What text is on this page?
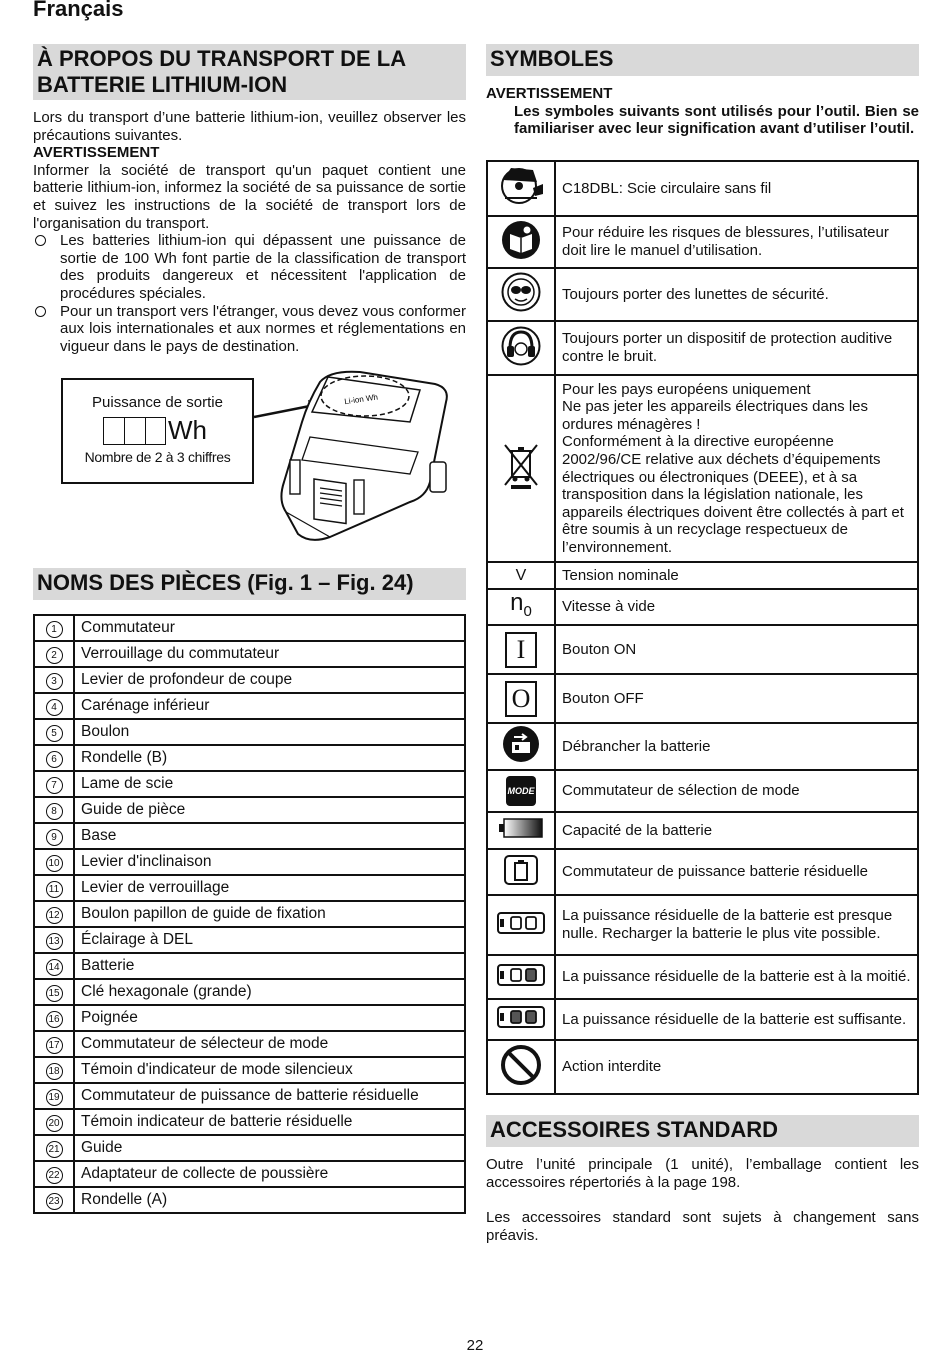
Français
À PROPOS DU TRANSPORT DE LA
BATTERIE LITHIUM-ION
Lors du transport d’une batterie lithium-ion, veuillez observer les précautions suivantes.
AVERTISSEMENT
Informer la société de transport qu'un paquet contient une batterie lithium-ion, informez la société de sa puissance de sortie et suivez les instructions de la société de transport lors de l'organisation du transport.
Les batteries lithium-ion qui dépassent une puissance de sortie de 100 Wh font partie de la classification de transport des produits dangereux et nécessitent l'application de procédures spéciales.
Pour un transport vers l'étranger, vous devez vous conformer aux lois internationales et aux normes et réglementations en vigueur dans le pays de destination.
Puissance de sortie
Wh
Nombre de 2 à 3 chiffres
Li-ion Wh
NOMS DES PIÈCES (Fig. 1 – Fig. 24)
1	Commutateur
2	Verrouillage du commutateur
3	Levier de profondeur de coupe
4	Carénage inférieur
5	Boulon
6	Rondelle (B)
7	Lame de scie
8	Guide de pièce
9	Base
10	Levier d'inclinaison
11	Levier de verrouillage
12	Boulon papillon de guide de fixation
13	Éclairage à DEL
14	Batterie
15	Clé hexagonale (grande)
16	Poignée
17	Commutateur de sélecteur de mode
18	Témoin d'indicateur de mode silencieux
19	Commutateur de puissance de batterie résiduelle
20	Témoin indicateur de batterie résiduelle
21	Guide
22	Adaptateur de collecte de poussière
23	Rondelle (A)
SYMBOLES
AVERTISSEMENT
Les symboles suivants sont utilisés pour l’outil. Bien se familiariser avec leur signification avant d’utiliser l’outil.
	C18DBL: Scie circulaire sans fil
	Pour réduire les risques de blessures, l’utilisateur doit lire le manuel d’utilisation.
	Toujours porter des lunettes de sécurité.
	Toujours porter un dispositif de protection auditive contre le bruit.

Pour les pays européens uniquement
Ne pas jeter les appareils électriques dans les ordures ménagères !
Conformément à la directive européenne 2002/96/CE relative aux déchets d’équipements électriques ou électroniques (DEEE), et à sa transposition dans la législation nationale, les appareils électriques doivent être collectés à part et être soumis à un recyclage respectueux de l’environnement.

V	Tension nominale
$n_0$	Vitesse à vide
I	Bouton ON
O	Bouton OFF
	Débrancher la batterie
MODE	Commutateur de sélection de mode
	Capacité de la batterie
	Commutateur de puissance batterie résiduelle
	La puissance résiduelle de la batterie est presque nulle. Recharger la batterie le plus vite possible.
	La puissance résiduelle de la batterie est à la moitié.
	La puissance résiduelle de la batterie est suffisante.
	Action interdite
ACCESSOIRES STANDARD
Outre l’unité principale (1 unité), l’emballage contient les accessoires répertoriés à la page 198.
Les accessoires standard sont sujets à changement sans préavis.
22
